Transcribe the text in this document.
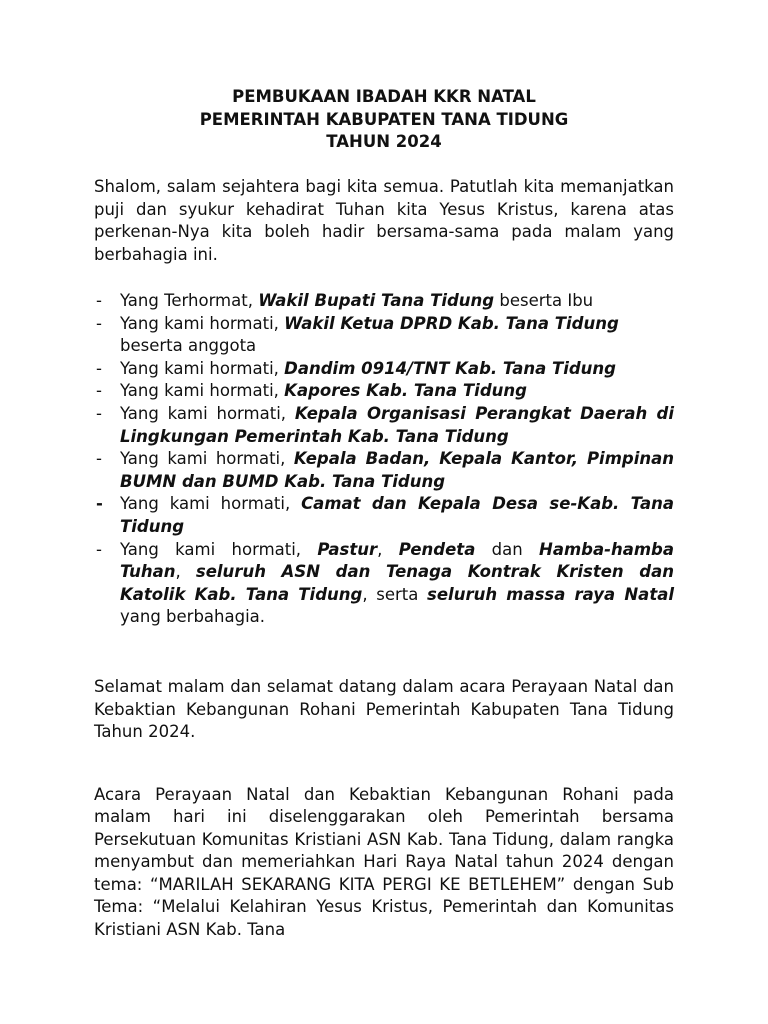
PEMBUKAAN IBADAH KKR NATAL
PEMERINTAH KABUPATEN TANA TIDUNG
TAHUN 2024

Shalom, salam sejahtera bagi kita semua. Patutlah kita memanjatkan puji dan syukur kehadirat Tuhan kita Yesus Kristus, karena atas perkenan-Nya kita boleh hadir bersama-sama pada malam yang berbahagia ini.

- Yang Terhormat, Wakil Bupati Tana Tidung beserta Ibu
- Yang kami hormati, Wakil Ketua DPRD Kab. Tana Tidung
beserta anggota
- Yang kami hormati, Dandim 0914/TNT Kab. Tana Tidung
- Yang kami hormati, Kapores Kab. Tana Tidung
- Yang kami hormati, Kepala Organisasi Perangkat Daerah di Lingkungan Pemerintah Kab. Tana Tidung
- Yang kami hormati, Kepala Badan, Kepala Kantor, Pimpinan BUMN dan BUMD Kab. Tana Tidung
- Yang kami hormati, Camat dan Kepala Desa se-Kab. Tana Tidung
- Yang kami hormati, Pastur, Pendeta dan Hamba-hamba Tuhan, seluruh ASN dan Tenaga Kontrak Kristen dan Katolik Kab. Tana Tidung, serta seluruh massa raya Natal yang berbahagia.

Selamat malam dan selamat datang dalam acara Perayaan Natal dan Kebaktian Kebangunan Rohani Pemerintah Kabupaten Tana Tidung Tahun 2024.

Acara Perayaan Natal dan Kebaktian Kebangunan Rohani pada malam hari ini diselenggarakan oleh Pemerintah bersama Persekutuan Komunitas Kristiani ASN Kab. Tana Tidung, dalam rangka menyambut dan memeriahkan Hari Raya Natal tahun 2024 dengan tema: “MARILAH SEKARANG KITA PERGI KE BETLEHEM” dengan Sub Tema: “Melalui Kelahiran Yesus Kristus, Pemerintah dan Komunitas Kristiani ASN Kab. Tana
